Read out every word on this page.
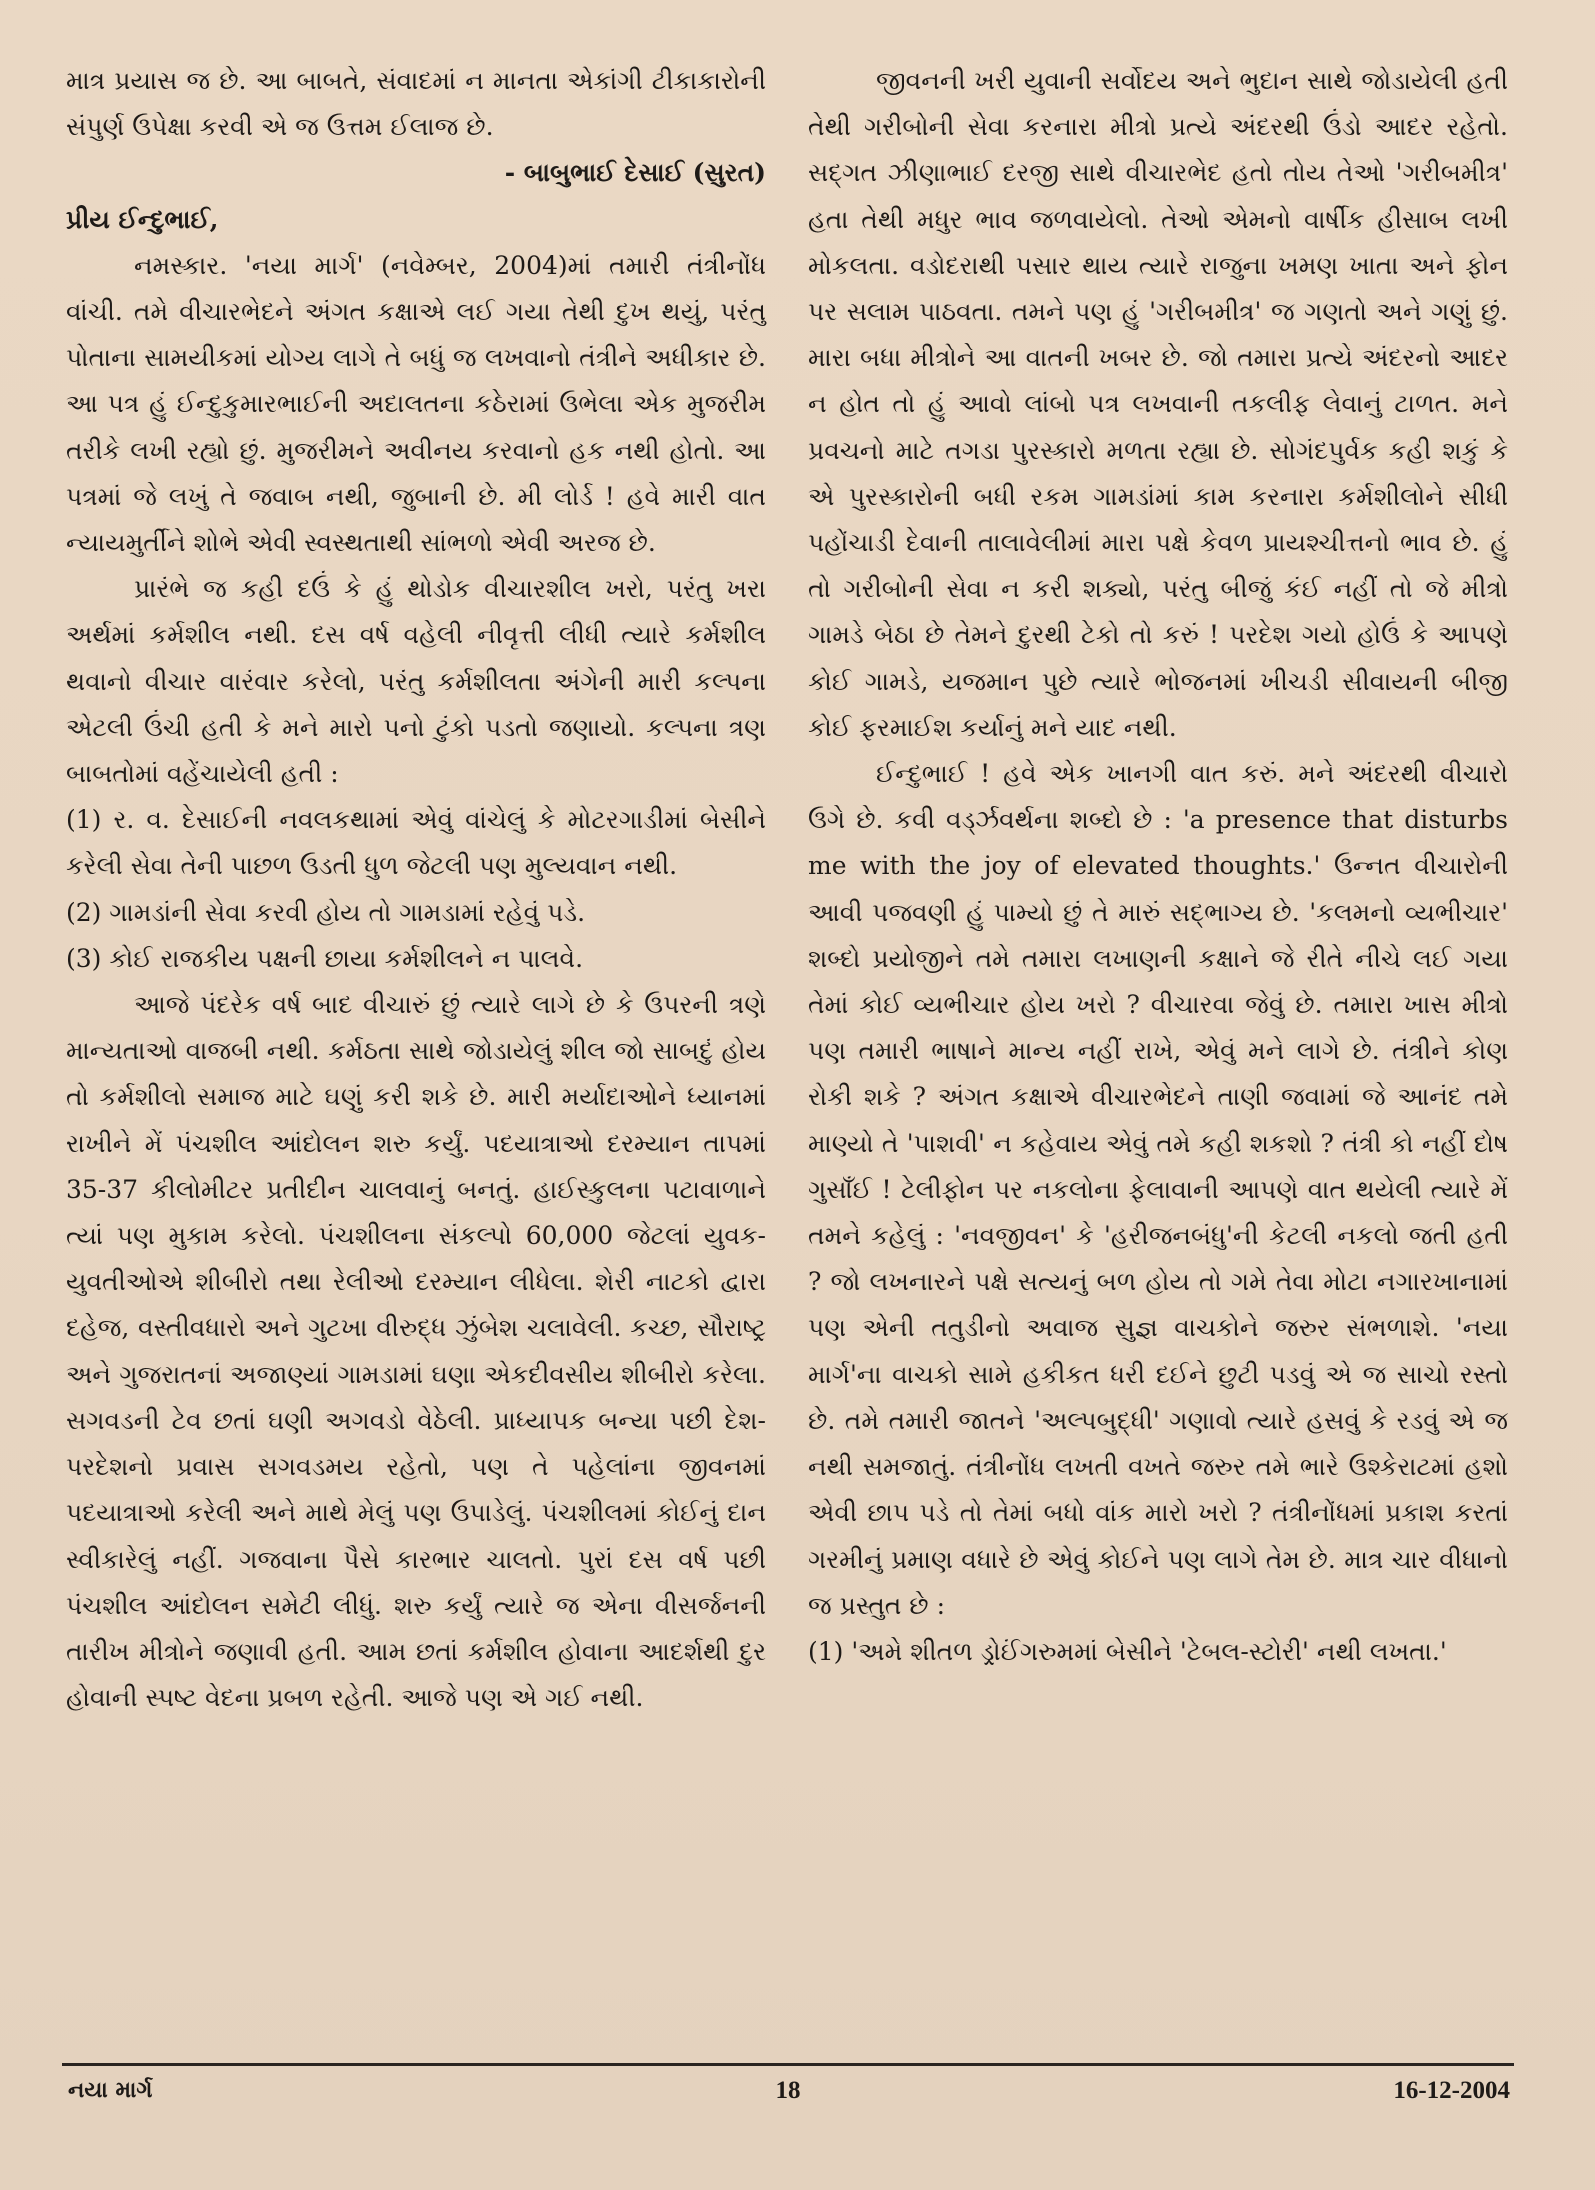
માત્ર પ્રયાસ જ છે. આ બાબતે, સંવાદમાં ન માનતા એકાંગી ટીકાકારોની સંપુર્ણ ઉપેક્ષા કરવી એ જ ઉત્તમ ઈલાજ છે.

- બાબુભાઈ દેસાઈ (સુરત)

પ્રીય ઈન્દુભાઈ,

નમસ્કાર. 'નયા માર્ગ' (નવેમ્બર, 2004)માં તમારી તંત્રીનોંધ વાંચી. તમે વીચારભેદને અંગત કક્ષાએ લઈ ગયા તેથી દુખ થયું, પરંતુ પોતાના સામયીકમાં યોગ્ય લાગે તે બધું જ લખવાનો તંત્રીને અધીકાર છે. આ પત્ર હું ઈન્દુકુમારભાઈની અદાલતના કઠેરામાં ઉભેલા એક મુજરીમ તરીકે લખી રહ્યો છું. મુજરીમને અવીનય કરવાનો હક નથી હોતો. આ પત્રમાં જે લખું તે જવાબ નથી, જુબાની છે. મી લોર્ડ ! હવે મારી વાત ન્યાયમુર્તીને શોભે એવી સ્વસ્થતાથી સાંભળો એવી અરજ છે.

પ્રારંભે જ કહી દઉં કે હું થોડોક વીચારશીલ ખરો, પરંતુ ખરા અર્થમાં કર્મશીલ નથી. દસ વર્ષ વહેલી નીવૃત્તી લીધી ત્યારે કર્મશીલ થવાનો વીચાર વારંવાર કરેલો, પરંતુ કર્મશીલતા અંગેની મારી કલ્પના એટલી ઉંચી હતી કે મને મારો પનો ટુંકો પડતો જણાયો. કલ્પના ત્રણ બાબતોમાં વહેંચાયેલી હતી :

(1) ર. વ. દેસાઈની નવલકથામાં એવું વાંચેલું કે મોટરગાડીમાં બેસીને કરેલી સેવા તેની પાછળ ઉડતી ધુળ જેટલી પણ મુલ્યવાન નથી.

(2) ગામડાંની સેવા કરવી હોય તો ગામડામાં રહેવું પડે.

(3) કોઈ રાજકીય પક્ષની છાયા કર્મશીલને ન પાલવે.

આજે પંદરેક વર્ષ બાદ વીચારું છું ત્યારે લાગે છે કે ઉપરની ત્રણે માન્યતાઓ વાજબી નથી. કર્મઠતા સાથે જોડાયેલું શીલ જો સાબદું હોય તો કર્મશીલો સમાજ માટે ઘણું કરી શકે છે. મારી મર્યાદાઓને ધ્યાનમાં રાખીને મેં પંચશીલ આંદોલન શરુ કર્યું. પદયાત્રાઓ દરમ્યાન તાપમાં 35-37 કીલોમીટર પ્રતીદીન ચાલવાનું બનતું. હાઈસ્કુલના પટાવાળાને ત્યાં પણ મુકામ કરેલો. પંચશીલના સંકલ્પો 60,000 જેટલાં યુવક-યુવતીઓએ શીબીરો તથા રેલીઓ દરમ્યાન લીધેલા. શેરી નાટકો દ્વારા દહેજ, વસ્તીવધારો અને ગુટખા વીરુદ્ધ ઝુંબેશ ચલાવેલી. કચ્છ, સૌરાષ્ટ્ર અને ગુજરાતનાં અજાણ્યાં ગામડામાં ઘણા એકદીવસીય શીબીરો કરેલા. સગવડની ટેવ છતાં ઘણી અગવડો વેઠેલી. પ્રાધ્યાપક બન્યા પછી દેશ-પરદેશનો પ્રવાસ સગવડમય રહેતો, પણ તે પહેલાંના જીવનમાં પદયાત્રાઓ કરેલી અને માથે મેલું પણ ઉપાડેલું. પંચશીલમાં કોઈનું દાન સ્વીકારેલું નહીં. ગજવાના પૈસે કારભાર ચાલતો. પુરાં દસ વર્ષ પછી પંચશીલ આંદોલન સમેટી લીધું. શરુ કર્યું ત્યારે જ એના વીસર્જનની તારીખ મીત્રોને જણાવી હતી. આમ છતાં કર્મશીલ હોવાના આદર્શથી દુર હોવાની સ્પષ્ટ વેદના પ્રબળ રહેતી. આજે પણ એ ગઈ નથી.

જીવનની ખરી યુવાની સર્વોદય અને ભુદાન સાથે જોડાયેલી હતી તેથી ગરીબોની સેવા કરનારા મીત્રો પ્રત્યે અંદરથી ઉંડો આદર રહેતો. સદ્ગત ઝીણાભાઈ દરજી સાથે વીચારભેદ હતો તોય તેઓ 'ગરીબમીત્ર' હતા તેથી મધુર ભાવ જળવાયેલો. તેઓ એમનો વાર્ષીક હીસાબ લખી મોકલતા. વડોદરાથી પસાર થાય ત્યારે રાજુના ખમણ ખાતા અને ફોન પર સલામ પાઠવતા. તમને પણ હું 'ગરીબમીત્ર' જ ગણતો અને ગણું છું. મારા બધા મીત્રોને આ વાતની ખબર છે. જો તમારા પ્રત્યે અંદરનો આદર ન હોત તો હું આવો લાંબો પત્ર લખવાની તકલીફ લેવાનું ટાળત. મને પ્રવચનો માટે તગડા પુરસ્કારો મળતા રહ્યા છે. સોગંદપુર્વક કહી શકું કે એ પુરસ્કારોની બધી રકમ ગામડાંમાં કામ કરનારા કર્મશીલોને સીધી પહોંચાડી દેવાની તાલાવેલીમાં મારા પક્ષે કેવળ પ્રાયશ્ચીત્તનો ભાવ છે. હું તો ગરીબોની સેવા ન કરી શક્યો, પરંતુ બીજું કંઈ નહીં તો જે મીત્રો ગામડે બેઠા છે તેમને દુરથી ટેકો તો કરું ! પરદેશ ગયો હોઉં કે આપણે કોઈ ગામડે, યજમાન પુછે ત્યારે ભોજનમાં ખીચડી સીવાયની બીજી કોઈ ફરમાઈશ કર્યાનું મને યાદ નથી.

ઈન્દુભાઈ ! હવે એક ખાનગી વાત કરું. મને અંદરથી વીચારો ઉગે છે. કવી વર્ડ્ઝવર્થના શબ્દો છે : 'a presence that disturbs me with the joy of elevated thoughts.' ઉન્નત વીચારોની આવી પજવણી હું પામ્યો છું તે મારું સદ્ભાગ્ય છે. 'કલમનો વ્યભીચાર' શબ્દો પ્રયોજીને તમે તમારા લખાણની કક્ષાને જે રીતે નીચે લઈ ગયા તેમાં કોઈ વ્યભીચાર હોય ખરો ? વીચારવા જેવું છે. તમારા ખાસ મીત્રો પણ તમારી ભાષાને માન્ય નહીં રાખે, એવું મને લાગે છે. તંત્રીને કોણ રોકી શકે ? અંગત કક્ષાએ વીચારભેદને તાણી જવામાં જે આનંદ તમે માણ્યો તે 'પાશવી' ન કહેવાય એવું તમે કહી શકશો ? તંત્રી કો નહીં દોષ ગુસાઁઈ ! ટેલીફોન પર નકલોના ફેલાવાની આપણે વાત થયેલી ત્યારે મેં તમને કહેલું : 'નવજીવન' કે 'હરીજનબંધુ'ની કેટલી નકલો જતી હતી ? જો લખનારને પક્ષે સત્યનું બળ હોય તો ગમે તેવા મોટા નગારખાનામાં પણ એની તતુડીનો અવાજ સુજ્ઞ વાચકોને જરુર સંભળાશે. 'નયા માર્ગ'ના વાચકો સામે હકીકત ધરી દઈને છુટી પડવું એ જ સાચો રસ્તો છે. તમે તમારી જાતને 'અલ્પબુદ્ધી' ગણાવો ત્યારે હસવું કે રડવું એ જ નથી સમજાતું. તંત્રીનોંધ લખતી વખતે જરુર તમે ભારે ઉશ્કેરાટમાં હશો એવી છાપ પડે તો તેમાં બધો વાંક મારો ખરો ? તંત્રીનોંધમાં પ્રકાશ કરતાં ગરમીનું પ્રમાણ વધારે છે એવું કોઈને પણ લાગે તેમ છે. માત્ર ચાર વીધાનો જ પ્રસ્તુત છે :

(1) 'અમે શીતળ ડ્રોઈંગરુમમાં બેસીને 'ટેબલ-સ્ટોરી' નથી લખતા.'

નયા માર્ગ	18	16-12-2004
